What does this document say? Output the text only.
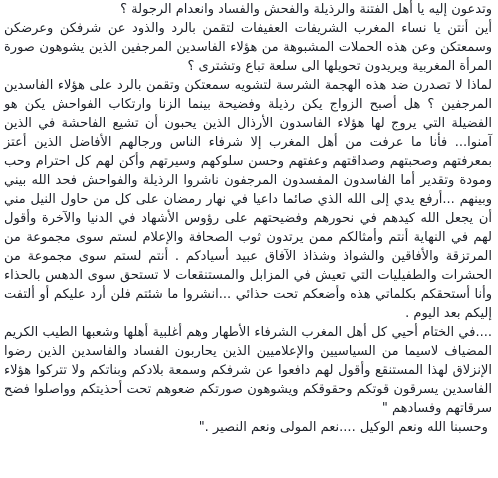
وتدعون إليه يا أهل الفتنة والرذيلة والفحش والفساد وانعدام الرجولة ؟
أين أنتن يا نساء المغرب الشريفات العفيفات لتقمن بالرد والذود عن شرفكن وعرضكن وسمعتكن وعن هذه الحملات المشبوهة من هؤلاء الفاسدين المرجفين الذين يشوهون صورة المرأة المغربية ويريدون تحويلها الى سلعة تباع وتشترى ؟
لماذا لا تصدرن ضد هذه الهجمة الشرسة لتشويه سمعتكن وتقمن بالرد على هؤلاء الفاسدين المرجفين ؟ هل أصبح الزواج يكن رذيلة وفضيحة بينما الزنا وارتكاب الفواحش يكن هو الفضيلة التي يروج لها هؤلاء الفاسدون الأرذال الذين يحبون أن تشيع الفاحشة في الذين آمنوا... فأنا ما عرفت من أهل المغرب إلا شرفاء الناس ورجالهم الأفاضل الذين أعتز بمعرفتهم وصحبتهم وصداقتهم وعفتهم وحسن سلوكهم وسيرتهم وأكن لهم كل احترام وحب ومودة وتقدير أما الفاسدون المفسدون المرجفون ناشروا الرذيلة والفواحش فحد الله بيني وبينهم ...أرفع يدي إلى الله الذي صائما داعيا في نهار رمضان على كل من حاول النيل مني أن يجعل الله كيدهم في نحورهم وفضيحتهم على رؤوس الأشهاد في الدنيا والآخرة وأقول لهم في النهاية أنتم وأمثالكم ممن يرتدون ثوب الصحافة والإعلام لستم سوى مجموعة من المرتزقة والأفاقين والشواذ وشذاذ الآفاق عبيد أسيادكم . أنتم لستم سوى مجموعة من الحشرات والطفيليات التي تعيش في المزابل والمستنقعات لا تستحق سوى الدهس بالحذاء وأنا أستحقكم بكلماتي هذه وأضعكم تحت حذائي ...انشروا ما شئتم فلن أرد عليكم أو ألتفت إليكم بعد اليوم .
....في الختام أحيي كل أهل المغرب الشرفاء الأطهار وهم أغلبية أهلها وشعبها الطيب الكريم المضياف لاسيما من السياسيين والإعلاميين الذين يحاربون الفساد والفاسدين الذين رضوا الإنزلاق لهذا المستنقع وأقول لهم دافعوا عن شرفكم وسمعة بلادكم وبناتكم ولا تتركوا هؤلاء الفاسدين يسرقون قوتكم وحقوقكم ويشوهون صورتكم ضعوهم تحت أحذيتكم وواصلوا فضح سرقاتهم وفسادهم "
وحسبنا الله ونعم الوكيل ....نعم المولى ونعم النصير ."
